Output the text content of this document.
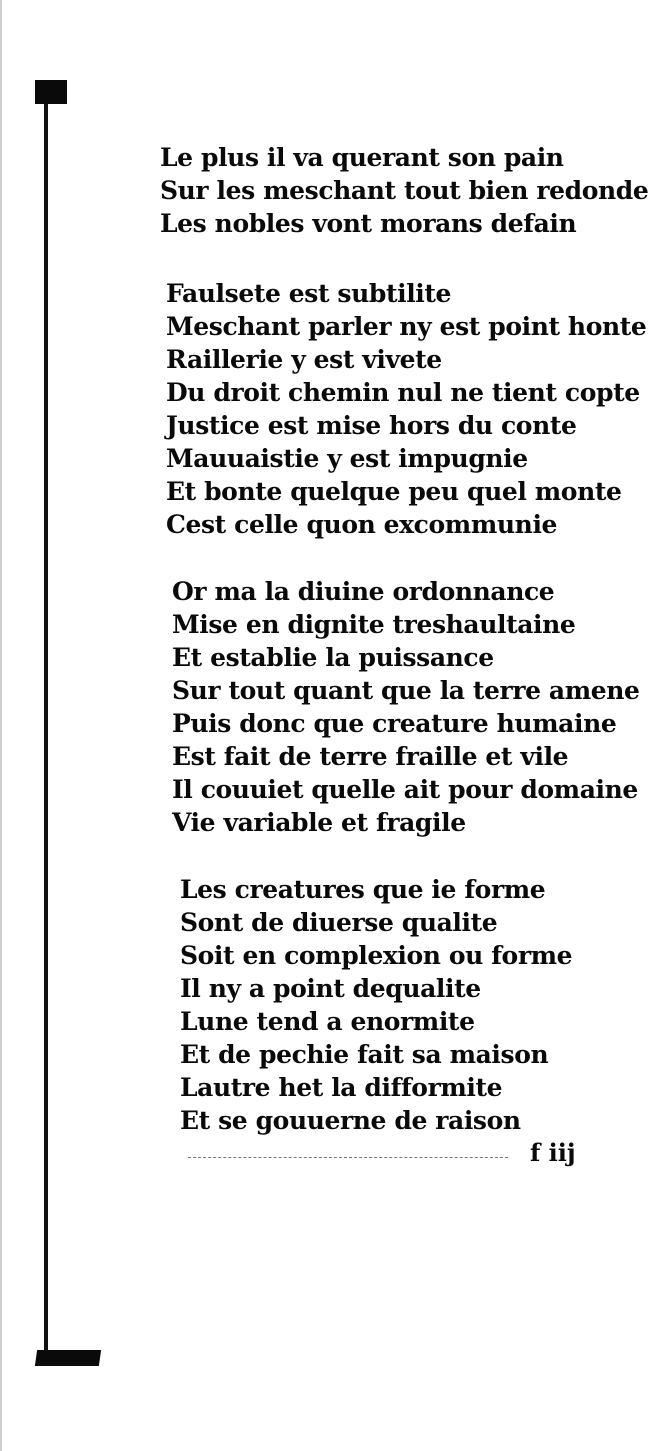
Le plus il va querant son pain
Sur les meschant tout bien redonde
Les nobles vont morans defain
Faulsete est subtilite
Meschant parler ny est point honte
Raillerie y est vivete
Du droit chemin nul ne tient copte
Justice est mise hors du conte
Mauuaistie y est impugnie
Et bonte quelque peu quel monte
Cest celle quon excommunie
Or ma la diuine ordonnance
Mise en dignite treshaultaine
Et establie la puissance
Sur tout quant que la terre amene
Puis donc que creature humaine
Est fait de terre fraille et vile
Il couuiet quelle ait pour domaine
Vie variable et fragile
Les creatures que ie forme
Sont de diuerse qualite
Soit en complexion ou forme
Il ny a point dequalite
Lune tend a enormite
Et de pechie fait sa maison
Lautre het la difformite
Et se gouuerne de raison
f iij
